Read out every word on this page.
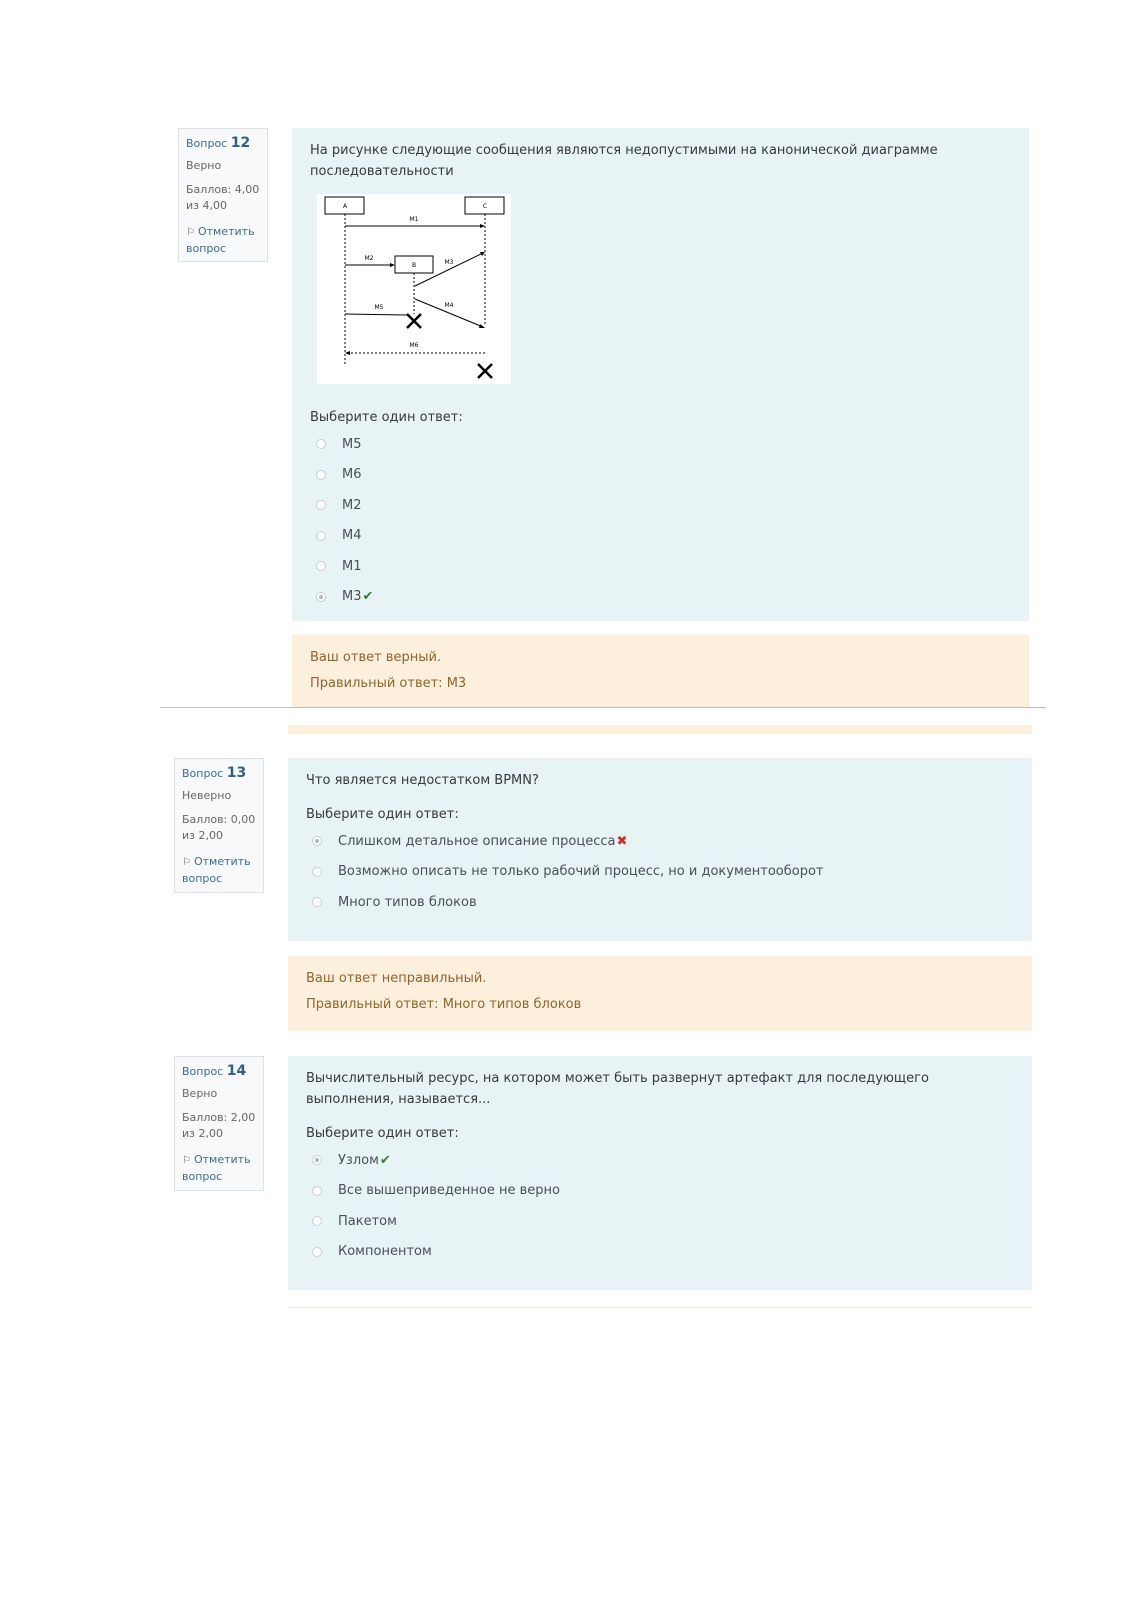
Вопрос 12
Верно
Баллов: 4,00 из 4,00
⚐ Отметить вопрос
На рисунке следующие сообщения являются недопустимыми на канонической диаграмме последовательности
A	C
B
M1
M2
M3
M4
M5
M6
Выберите один ответ:
M5
M6
M2
M4
M1
M3 ✔
Ваш ответ верный.
Правильный ответ: M3
Вопрос 13
Неверно
Баллов: 0,00 из 2,00
⚐ Отметить вопрос
Что является недостатком BPMN?
Выберите один ответ:
Слишком детальное описание процесса ✖
Возможно описать не только рабочий процесс, но и документооборот
Много типов блоков
Ваш ответ неправильный.
Правильный ответ: Много типов блоков
Вопрос 14
Верно
Баллов: 2,00 из 2,00
⚐ Отметить вопрос
Вычислительный ресурс, на котором может быть развернут артефакт для последующего выполнения, называется...
Выберите один ответ:
Узлом ✔
Все вышеприведенное не верно
Пакетом
Компонентом
